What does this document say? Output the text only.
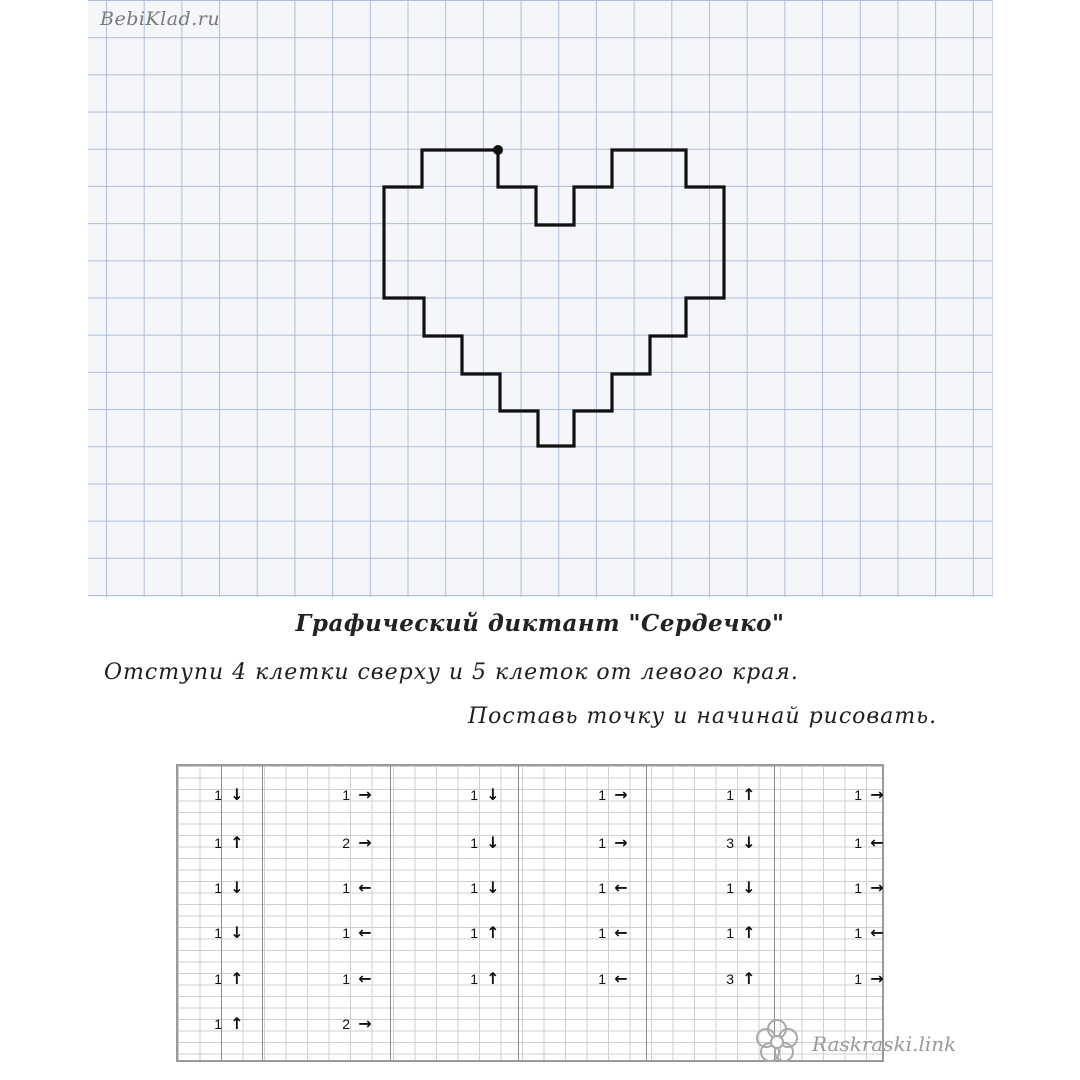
BebiKlad.ru
Графический диктант "Сердечко"
Отступи 4 клетки сверху и 5 клеток от левого края.
Поставь точку и начинай рисовать.
1 ↓
1 ↑
1 ↓
1 ↓
1 ↑
1 ↑
1 →
2 →
1 ←
1 ←
1 ←
2 →
1 ↓
1 ↓
1 ↓
1 ↑
1 ↑
1 →
1 →
1 ←
1 ←
1 ←
1 ↑
3 ↓
1 ↓
1 ↑
3 ↑
1 →
1 ←
1 →
1 ←
1 →
Raskraski.link
